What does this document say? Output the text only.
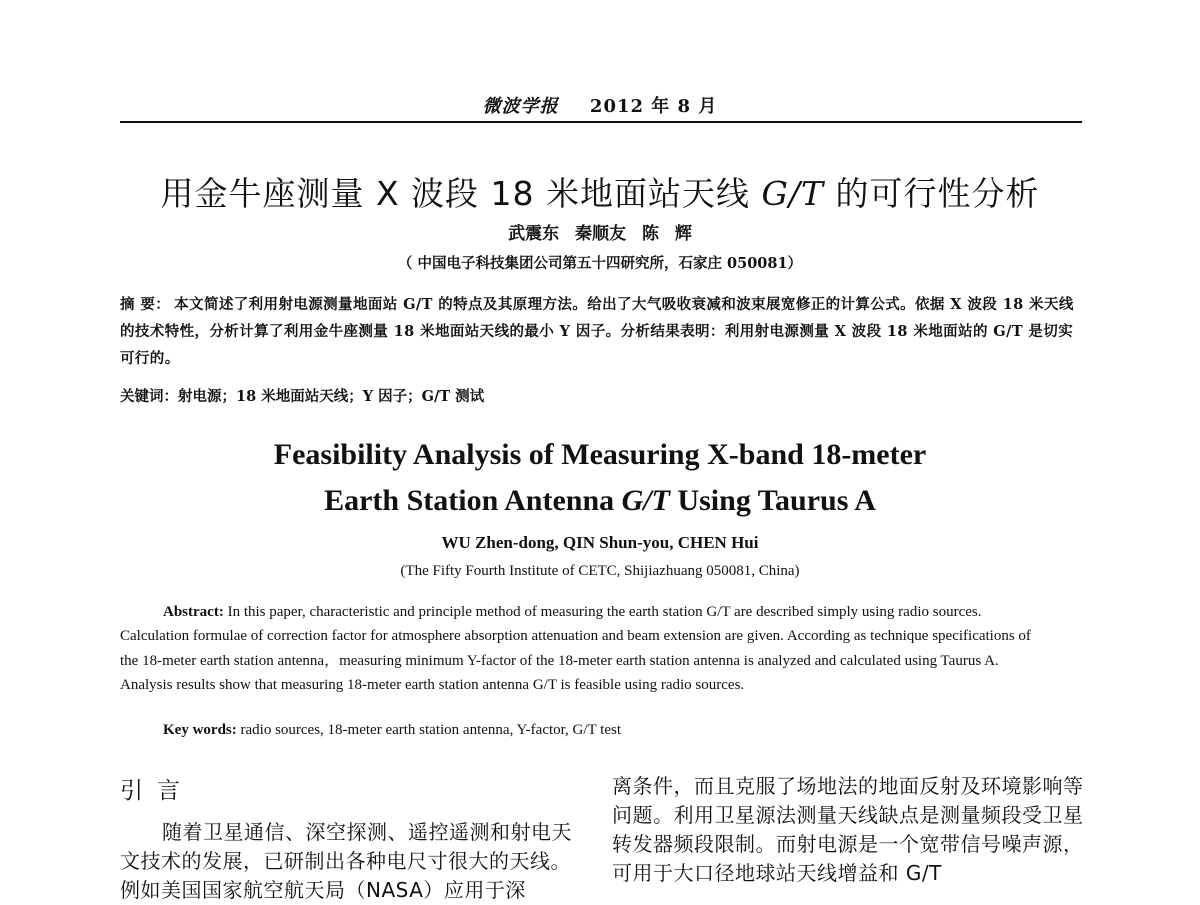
微波学报 2012 年 8 月
用金牛座测量 X 波段 18 米地面站天线 G/T 的可行性分析
武震东 秦顺友 陈 辉
（ 中国电子科技集团公司第五十四研究所，石家庄 050081）
摘 要： 本文简述了利用射电源测量地面站 G/T 的特点及其原理方法。给出了大气吸收衰减和波束展宽修正的计算公式。依据 X 波段 18 米天线的技术特性，分析计算了利用金牛座测量 18 米地面站天线的最小 Y 因子。分析结果表明：利用射电源测量 X 波段 18 米地面站的 G/T 是切实可行的。
关键词：射电源；18 米地面站天线；Y 因子；G/T 测试
Feasibility Analysis of Measuring X-band 18-meter
Earth Station Antenna G/T Using Taurus A
WU Zhen-dong, QIN Shun-you, CHEN Hui
(The Fifty Fourth Institute of CETC, Shijiazhuang 050081, China)
Abstract: In this paper, characteristic and principle method of measuring the earth station G/T are described simply using radio sources. Calculation formulae of correction factor for atmosphere absorption attenuation and beam extension are given. According as technique specifications of the 18-meter earth station antenna，measuring minimum Y-factor of the 18-meter earth station antenna is analyzed and calculated using Taurus A. Analysis results show that measuring 18-meter earth station antenna G/T is feasible using radio sources.
Key words: radio sources, 18-meter earth station antenna, Y-factor, G/T test
引言

随着卫星通信、深空探测、遥控遥测和射电天文技术的发展，已研制出各种电尺寸很大的天线。例如美国国家航空航天局（NASA）应用于深

离条件，而且克服了场地法的地面反射及环境影响等问题。利用卫星源法测量天线缺点是测量频段受卫星转发器频段限制。而射电源是一个宽带信号噪声源，可用于大口径地球站天线增益和 G/T
